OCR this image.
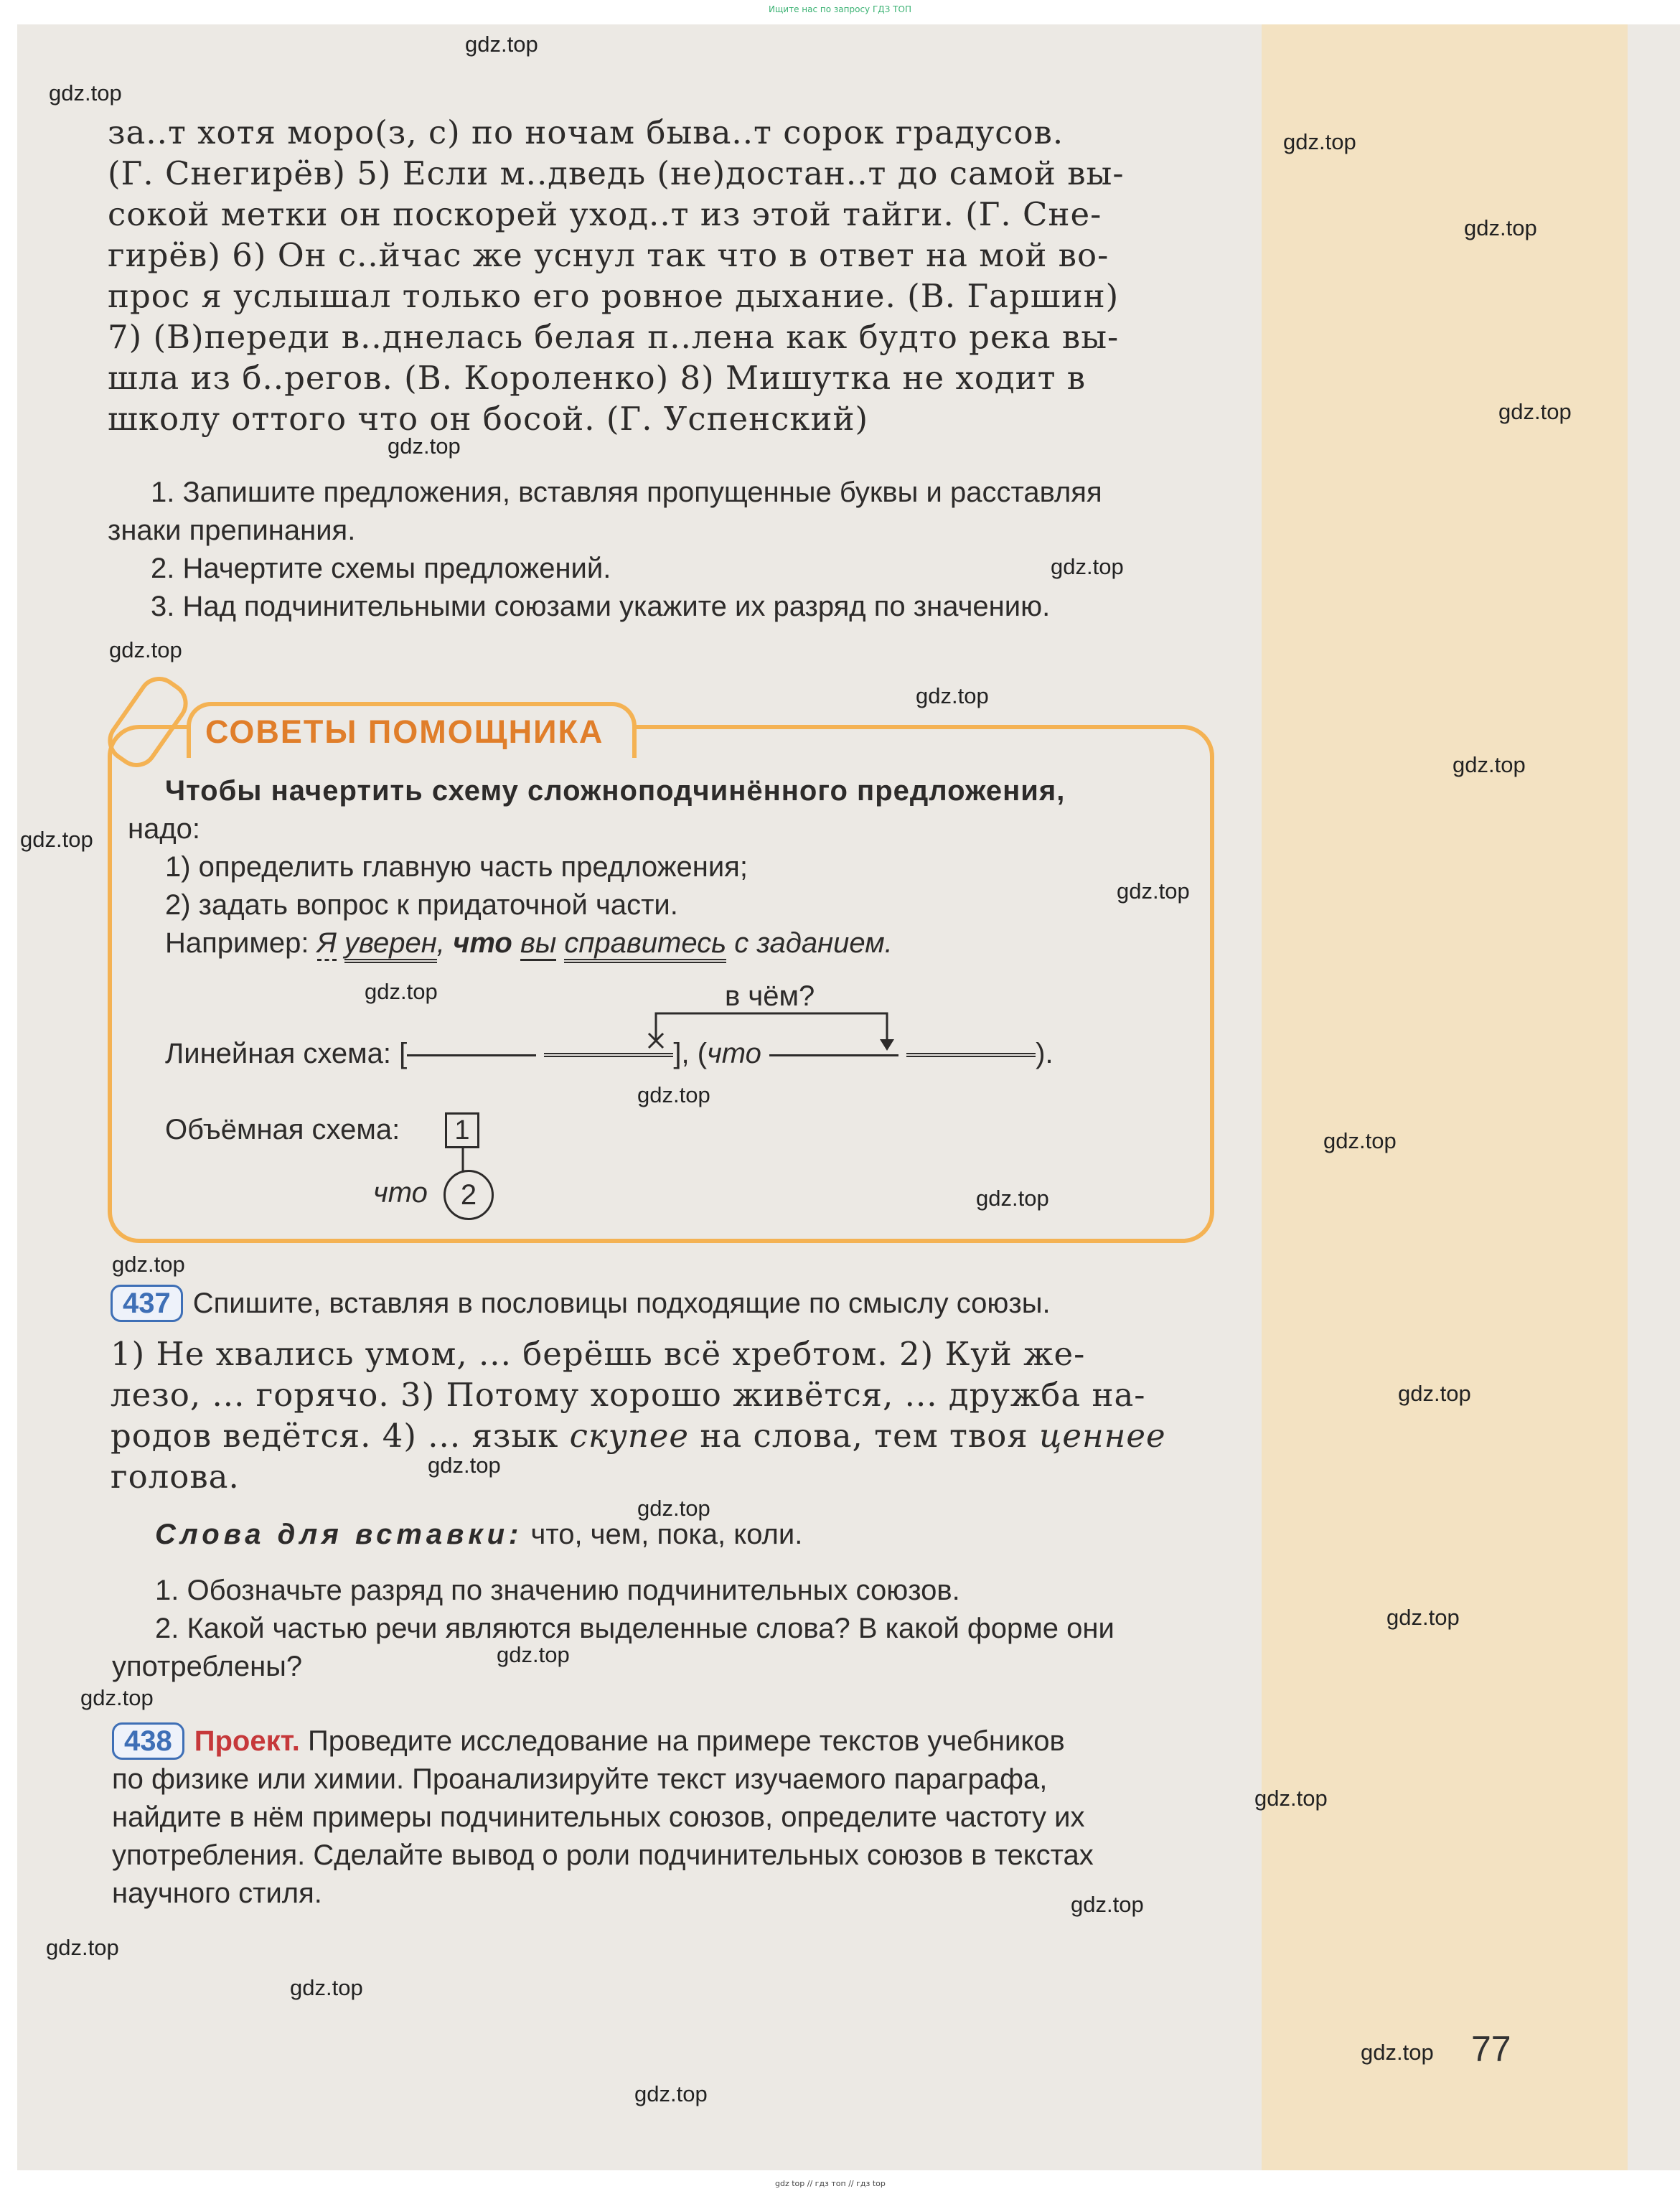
Ищите нас по запросу ГДЗ ТОП
за..т хотя моро(з, с) по ночам быва..т сорок градусов.
(Г. Снегирёв) 5) Если м..дведь (не)достан..т до самой вы-
сокой метки он поскорей уход..т из этой тайги. (Г. Сне-
гирёв) 6) Он с..йчас же уснул так что в ответ на мой во-
прос я услышал только его ровное дыхание. (В. Гаршин)
7) (В)переди в..днелась белая п..лена как будто река вы-
шла из б..регов. (В. Короленко) 8) Мишутка не ходит в
школу оттого что он босой. (Г. Успенский)
1. Запишите предложения, вставляя пропущенные буквы и расставляя
знаки препинания.
2. Начертите схемы предложений.
3. Над подчинительными союзами укажите их разряд по значению.
СОВЕТЫ ПОМОЩНИКА
Чтобы начертить схему сложноподчинённого предложения,
надо:
1) определить главную часть предложения;
2) задать вопрос к придаточной части.
Например: Я уверен, что вы справитесь с заданием.
в чём?
Линейная схема: [	], (что	).
Объёмная схема:	1
2
что
437 Спишите, вставляя в пословицы подходящие по смыслу союзы.
1) Не хвались умом, ... берёшь всё хребтом. 2) Куй же-
лезо, ... горячо. 3) Потому хорошо живётся, ... дружба на-
родов ведётся. 4) ... язык скупее на слова, тем твоя ценнее
голова.
Слова для вставки: что, чем, пока, коли.
1. Обозначьте разряд по значению подчинительных союзов.
2. Какой частью речи являются выделенные слова? В какой форме они
употреблены?
438 Проект. Проведите исследование на примере текстов учебников
по физике или химии. Проанализируйте текст изучаемого параграфа,
найдите в нём примеры подчинительных союзов, определите частоту их
употребления. Сделайте вывод о роли подчинительных союзов в текстах
научного стиля.
77
gdz.top
gdz.top
gdz.top
gdz.top
gdz.top
gdz.top
gdz.top
gdz.top
gdz.top
gdz.top
gdz.top
gdz.top
gdz.top
gdz.top
gdz.top
gdz.top
gdz.top
gdz.top
gdz.top
gdz.top
gdz.top
gdz.top
gdz.top
gdz.top
gdz.top
gdz.top
gdz.top
gdz.top
gdz.top
gdz top // гдз топ // гдз top
